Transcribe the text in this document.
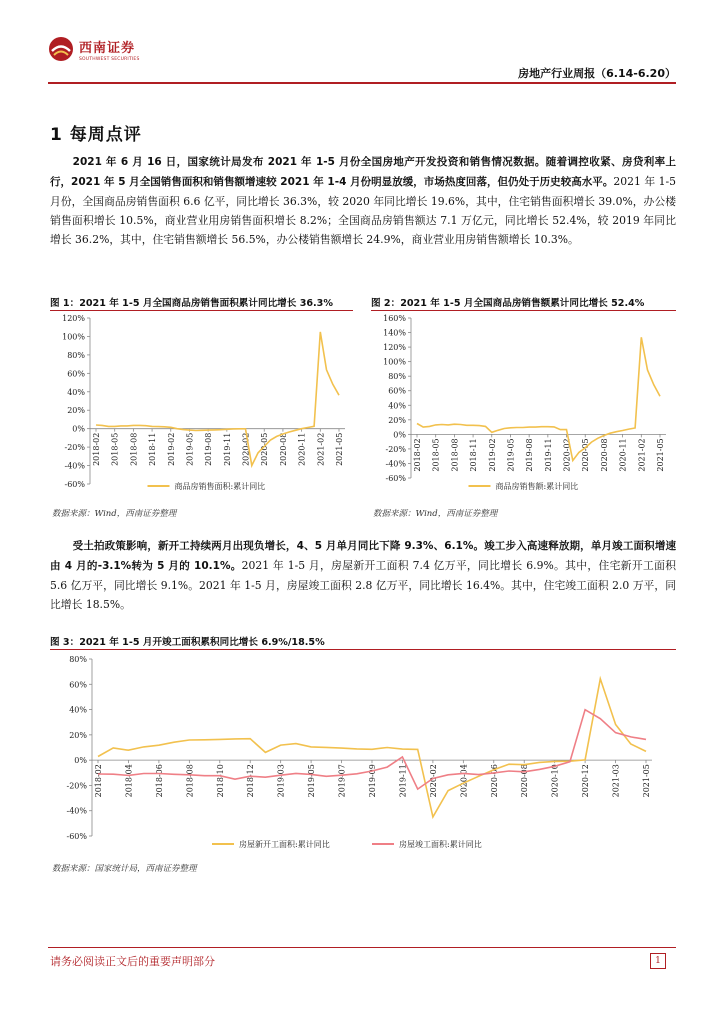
西南证券
SOUTHWEST SECURITIES
房地产行业周报（6.14-6.20）
1 每周点评
2021 年 6 月 16 日，国家统计局发布 2021 年 1-5 月份全国房地产开发投资和销售情况数据。随着调控收紧、房贷利率上行，2021 年 5 月全国销售面积和销售额增速较 2021 年 1-4 月份明显放缓，市场热度回落，但仍处于历史较高水平。2021 年 1-5 月份，全国商品房销售面积 6.6 亿平，同比增长 36.3%，较 2020 年同比增长 19.6%，其中，住宅销售面积增长 39.0%，办公楼销售面积增长 10.5%，商业营业用房销售面积增长 8.2%；全国商品房销售额达 7.1 万亿元，同比增长 52.4%，较 2019 年同比增长 36.2%，其中，住宅销售额增长 56.5%，办公楼销售额增长 24.9%，商业营业用房销售额增长 10.3%。
图 1：2021 年 1-5 月全国商品房销售面积累计同比增长 36.3%	图 2：2021 年 1-5 月全国商品房销售额累计同比增长 52.4%
120%
100%
80%
60%
40%
20%
0%
-20%
-40%
-60%
2018-02 2018-05 2018-08 2018-11 2019-02 2019-05 2019-08 2019-11 2020-02 2020-05 2020-08 2020-11 2021-02 2021-05
商品房销售面积:累计同比
160%
140%
120%
100%
80%
60%
40%
20%
0%
-20%
-40%
-60%
2018-02 2018-05 2018-08 2018-11 2019-02 2019-05 2019-08 2019-11 2020-02 2020-05 2020-08 2020-11 2021-02 2021-05
商品房销售额:累计同比
数据来源：Wind，西南证券整理	数据来源：Wind，西南证券整理
受土拍政策影响，新开工持续两月出现负增长，4、5 月单月同比下降 9.3%、6.1%。竣工步入高速释放期，单月竣工面积增速由 4 月的-3.1%转为 5 月的 10.1%。2021 年 1-5 月，房屋新开工面积 7.4 亿万平，同比增长 6.9%。其中，住宅新开工面积 5.6 亿万平，同比增长 9.1%。2021 年 1-5 月，房屋竣工面积 2.8 亿万平，同比增长 16.4%。其中，住宅竣工面积 2.0 万平，同比增长 18.5%。
图 3：2021 年 1-5 月开竣工面积累积同比增长 6.9%/18.5%
80%
60%
40%
20%
0%
-20%
-40%
-60%
2018-02	2018-04	2018-06	2018-08	2018-10	2018-12	2019-03	2019-05	2019-07	2019-09	2019-11	2020-02	2020-04	2020-06	2020-08	2020-10	2020-12	2021-03	2021-05
房屋新开工面积:累计同比	房屋竣工面积:累计同比
数据来源：国家统计局，西南证券整理
请务必阅读正文后的重要声明部分	1
